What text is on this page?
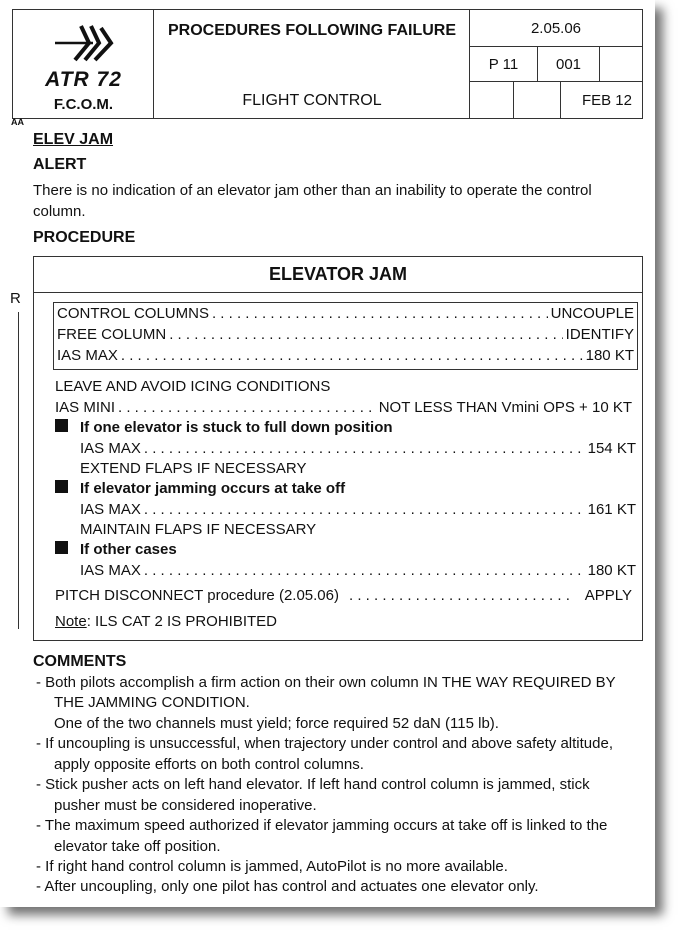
ATR 72
F.C.O.M.
PROCEDURES FOLLOWING FAILURE
FLIGHT CONTROL
2.05.06
P 11	001
FEB 12
AA
ELEV JAM
ALERT
There is no indication of an elevator jam other than an inability to operate the control
column.
PROCEDURE
R
ELEVATOR JAM
CONTROL COLUMNS . . .	UNCOUPLE
FREE COLUMN . . .	IDENTIFY
IAS MAX . . .	180 KT
LEAVE AND AVOID ICING CONDITIONS
IAS MINI . . .	NOT LESS THAN Vmini OPS + 10 KT
If one elevator is stuck to full down position
IAS MAX . . .	154 KT
EXTEND FLAPS IF NECESSARY
If elevator jamming occurs at take off
IAS MAX . . .	161 KT
MAINTAIN FLAPS IF NECESSARY
If other cases
IAS MAX . . .	180 KT
PITCH DISCONNECT procedure (2.05.06) . . .	APPLY
Note : ILS CAT 2 IS PROHIBITED
COMMENTS
- Both pilots accomplish a firm action on their own column IN THE WAY REQUIRED BY
THE JAMMING CONDITION.
One of the two channels must yield; force required 52 daN (115 lb).
- If uncoupling is unsuccessful, when trajectory under control and above safety altitude,
apply opposite efforts on both control columns.
- Stick pusher acts on left hand elevator. If left hand control column is jammed, stick
pusher must be considered inoperative.
- The maximum speed authorized if elevator jamming occurs at take off is linked to the
elevator take off position.
- If right hand control column is jammed, AutoPilot is no more available.
- After uncoupling, only one pilot has control and actuates one elevator only.
